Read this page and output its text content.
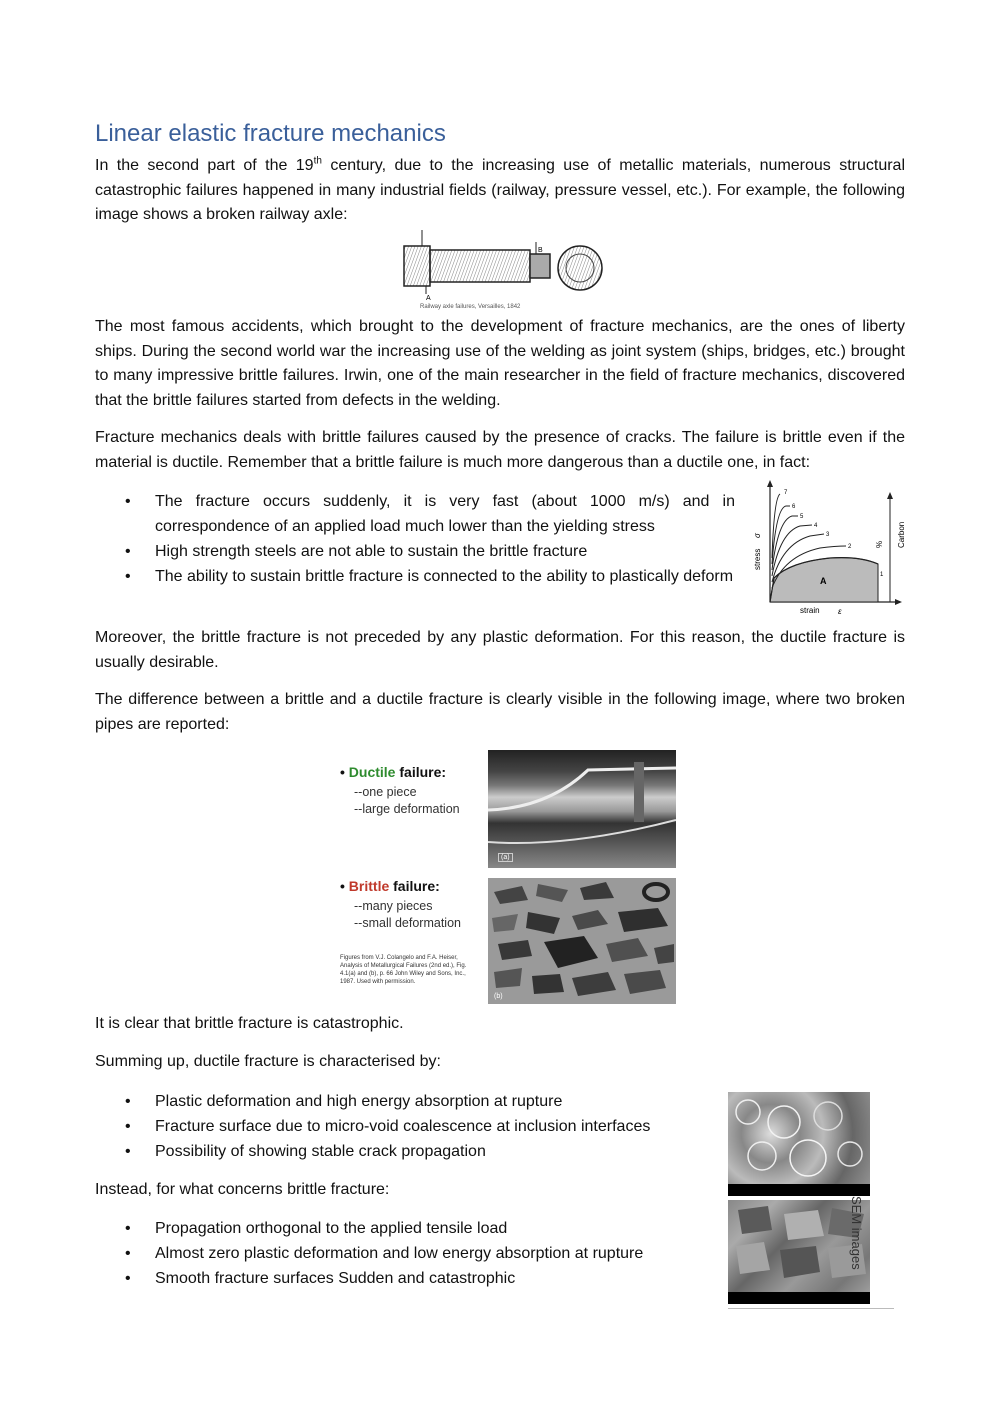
Linear elastic fracture mechanics

In the second part of the 19th century, due to the increasing use of metallic materials, numerous structural catastrophic failures happened in many industrial fields (railway, pressure vessel, etc.). For example, the following image shows a broken railway axle:

B
A
Railway axle failures, Versailles, 1842

The most famous accidents, which brought to the development of fracture mechanics, are the ones of liberty ships. During the second world war the increasing use of the welding as joint system (ships, bridges, etc.) brought to many impressive brittle failures. Irwin, one of the main researcher in the field of fracture mechanics, discovered that the brittle failures started from defects in the welding.

Fracture mechanics deals with brittle failures caused by the presence of cracks. The failure is brittle even if the material is ductile. Remember that a brittle failure is much more dangerous than a ductile one, in fact:

• The fracture occurs suddenly, it is very fast (about 1000 m/s) and in correspondence of an applied load much lower than the yielding stress
• High strength steels are not able to sustain the brittle fracture
• The ability to sustain brittle fracture is connected to the ability to plastically deform	1
2
3
4
5
6
7
A
strain ε
stress
σ	Carbon
%

Moreover, the brittle fracture is not preceded by any plastic deformation. For this reason, the ductile fracture is usually desirable.

The difference between a brittle and a ductile fracture is clearly visible in the following image, where two broken pipes are reported:

• Ductile failure:
--one piece
--large deformation
(a)
• Brittle failure:
--many pieces
--small deformation
Figures from V.J. Colangelo and F.A. Heiser, Analysis of Metallurgical Failures (2nd ed.), Fig. 4.1(a) and (b), p. 66 John Wiley and Sons, Inc., 1987. Used with permission.
(b)

It is clear that brittle fracture is catastrophic.

Summing up, ductile fracture is characterised by:

• Plastic deformation and high energy absorption at rupture
• Fracture surface due to micro-void coalescence at inclusion interfaces
• Possibility of showing stable crack propagation

Instead, for what concerns brittle fracture:

• Propagation orthogonal to the applied tensile load
• Almost zero plastic deformation and low energy absorption at rupture
• Smooth fracture surfaces Sudden and catastrophic
SEM images
